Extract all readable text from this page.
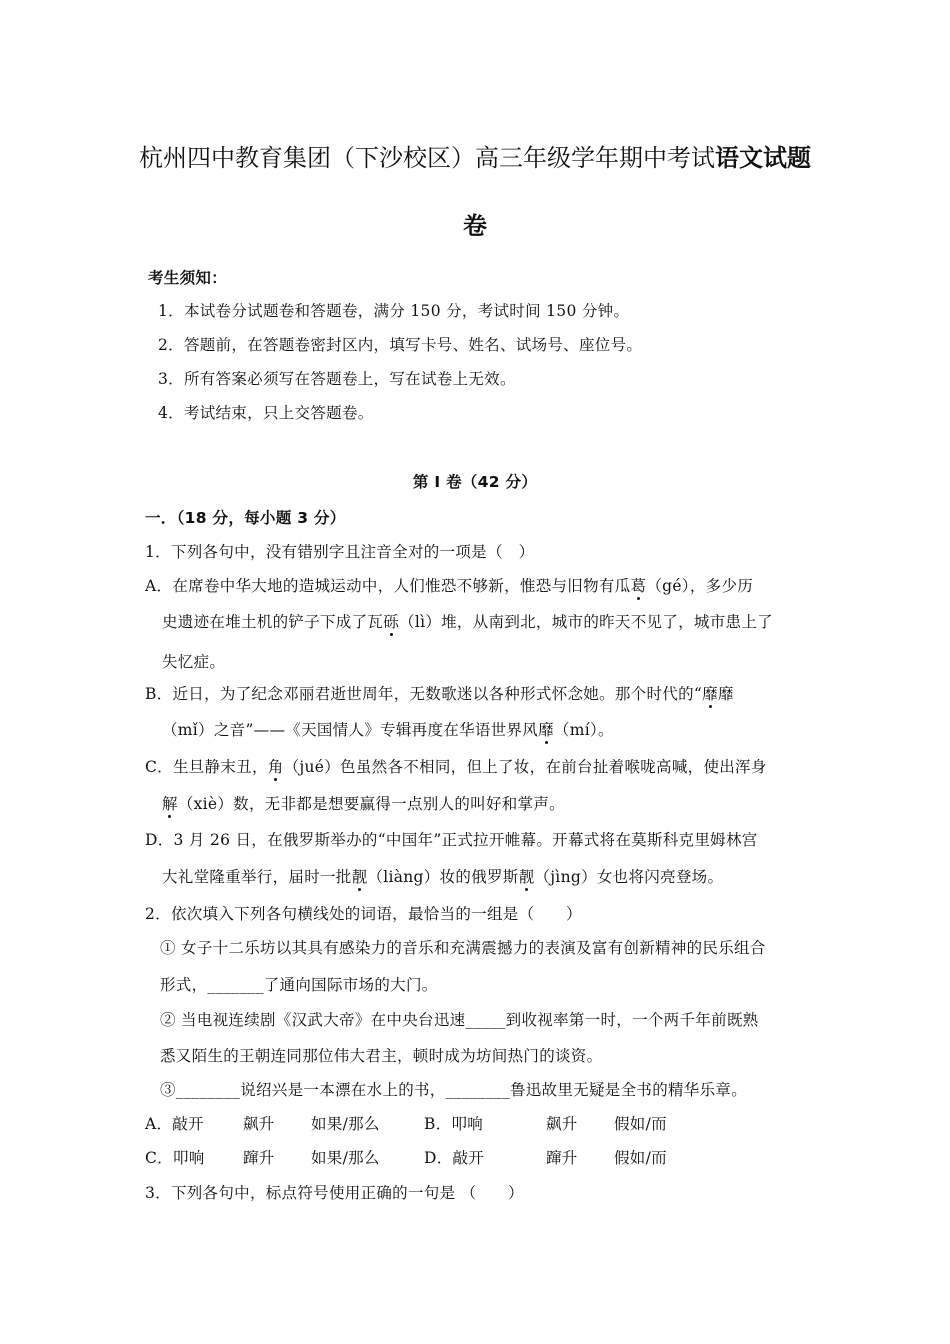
杭州四中教育集团（下沙校区）高三年级学年期中考试语文试题
卷
考生须知：
1．本试卷分试题卷和答题卷，满分 150 分，考试时间 150 分钟。
2．答题前，在答题卷密封区内，填写卡号、姓名、试场号、座位号。
3．所有答案必须写在答题卷上，写在试卷上无效。
4．考试结束，只上交答题卷。
第 I 卷（42 分）
一．（18 分，每小题 3 分）
1．下列各句中，没有错别字且注音全对的一项是（　）
A．在席卷中华大地的造城运动中，人们惟恐不够新，惟恐与旧物有瓜葛（gé），多少历
史遗迹在堆土机的铲子下成了瓦砾（lì）堆，从南到北，城市的昨天不见了，城市患上了
失忆症。
B．近日，为了纪念邓丽君逝世周年，无数歌迷以各种形式怀念她。那个时代的“靡靡
（mǐ）之音”——《天国情人》专辑再度在华语世界风靡（mí）。
C．生旦静末丑，角（jué）色虽然各不相同，但上了妆，在前台扯着喉咙高喊，使出浑身
解（xiè）数，无非都是想要赢得一点别人的叫好和掌声。
D．3 月 26 日，在俄罗斯举办的“中国年”正式拉开帷幕。开幕式将在莫斯科克里姆林宫
大礼堂隆重举行，届时一批靓（liàng）妆的俄罗斯靓（jìng）女也将闪亮登场。
2．依次填入下列各句横线处的词语，最恰当的一组是（　　）
① 女子十二乐坊以其具有感染力的音乐和充满震撼力的表演及富有创新精神的民乐组合
形式，_______了通向国际市场的大门。
② 当电视连续剧《汉武大帝》在中央台迅速_____到收视率第一时，一个两千年前既熟
悉又陌生的王朝连同那位伟大君主，顿时成为坊间热门的谈资。
③________说绍兴是一本漂在水上的书，________鲁迅故里无疑是全书的精华乐章。
A．敲开	飙升 如果/那么	B．叩响	飙升 假如/而
C．叩响 蹿升 如果/那么	D．敲开	蹿升 假如/而
3．下列各句中，标点符号使用正确的一句是 （　　）
